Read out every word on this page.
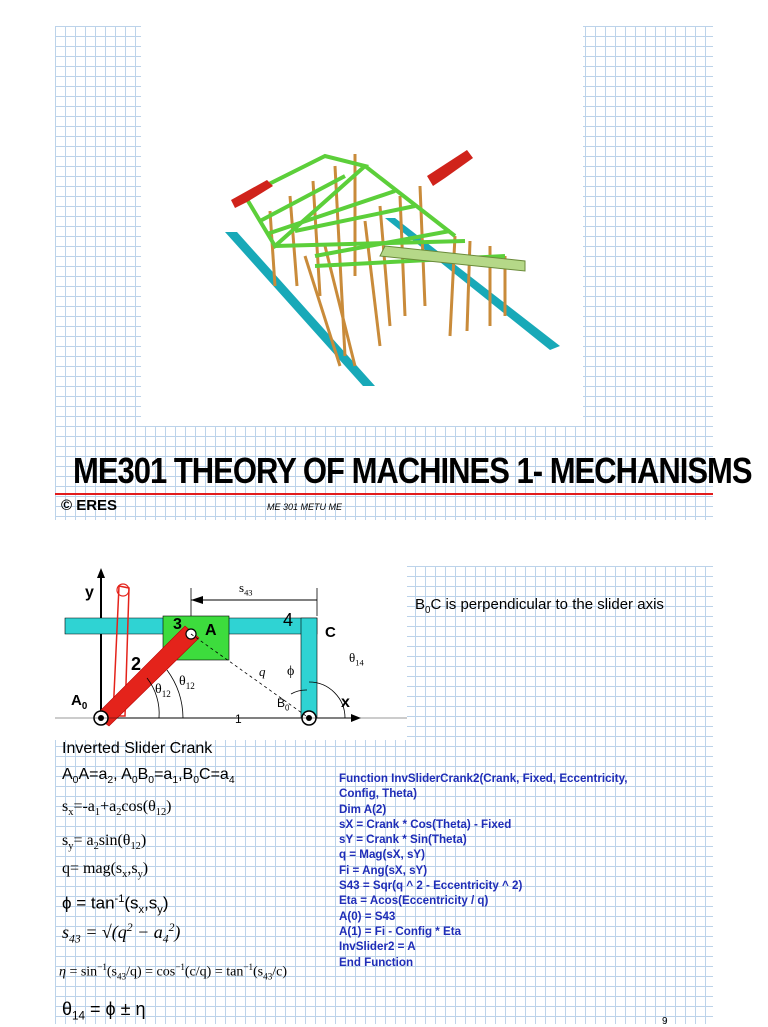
ME301 THEORY OF MACHINES 1- MECHANISMS
© ERES	ME 301 METU ME
y
x
$s_{43}$
2
3	4
A	C
$A_0$	$B_0$
q ϕ
$\theta_{14}$
$\theta_{12}$
$\theta_{12}$
1
$B_0C$ is perpendicular to the slider axis
Inverted Slider Crank
$A_0A=a_2$, $A_0B_0=a_1,B_0C=a_4$
$s_x=-a_1+a_2\cos(\theta_{12})$
$s_y= a_2\sin(\theta_{12})$
$q= mag(s_x,s_y)$
$\phi = \tan^{-1}(s_x,s_y)$
$s_{43} = √(q^2 - a_4^2)$
$\eta = \sin^{-1}(s_{43}/q) = \cos^{-1}(c/q) = \tan^{-1}(s_{43}/c)$
$\theta_{14} = \phi \pm \eta$
Function InvSliderCrank2(Crank, Fixed, Eccentricity,
Config, Theta)
Dim A(2)
sX = Crank * Cos(Theta) - Fixed
sY = Crank * Sin(Theta)
q = Mag(sX, sY)
Fi = Ang(sX, sY)
S43 = Sqr(q ^ 2 - Eccentricity ^ 2)
Eta = Acos(Eccentricity / q)
A(0) = S43
A(1) = Fi - Config * Eta
InvSlider2 = A
End Function
9
